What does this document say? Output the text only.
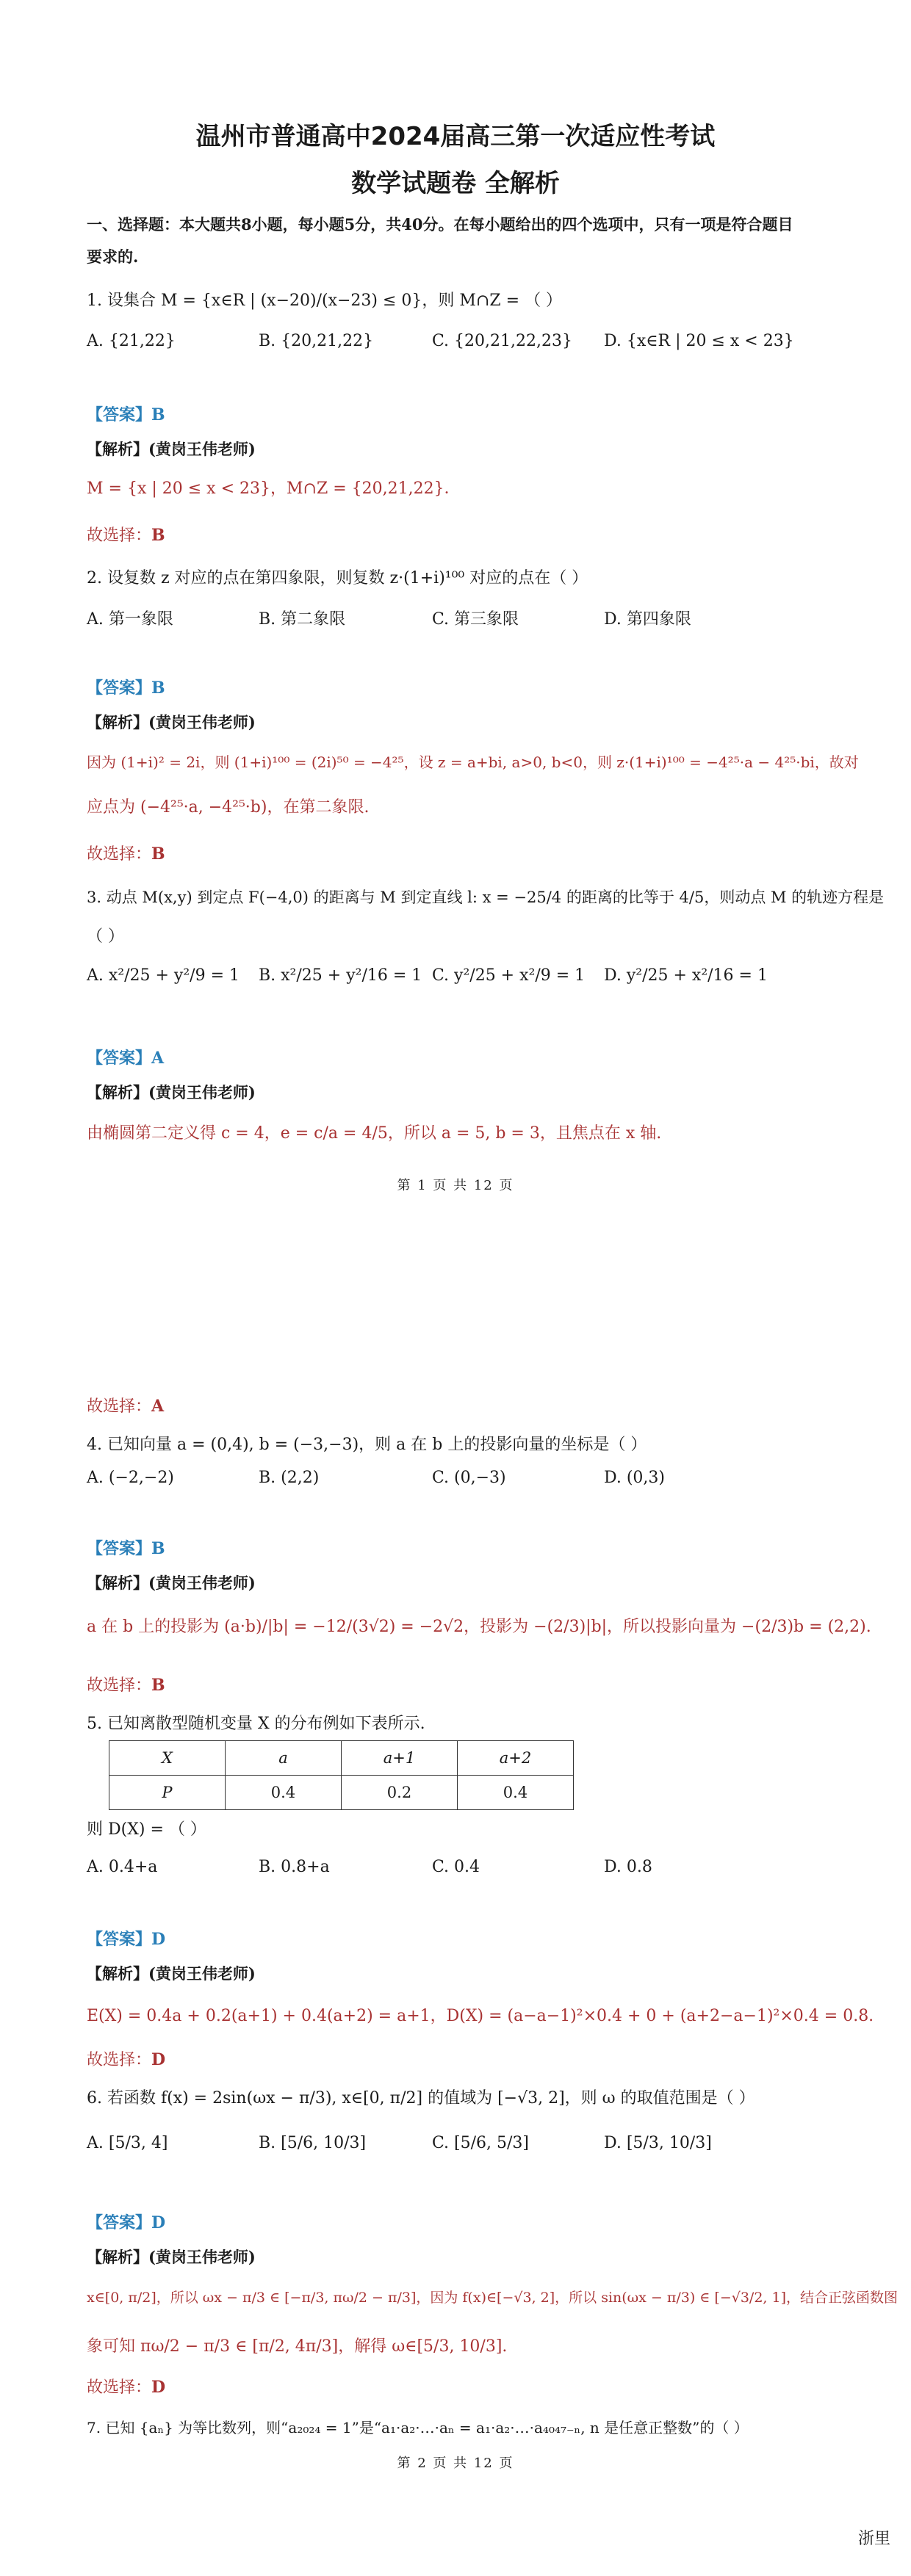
温州市普通高中2024届高三第一次适应性考试
数学试题卷 全解析
一、选择题：本大题共8小题，每小题5分，共40分。在每小题给出的四个选项中，只有一项是符合题目
要求的.
1. 设集合 M = {x∈R | (x−20)/(x−23) ≤ 0}，则 M∩Z = （ ）
A. {21,22}	B. {20,21,22}	C. {20,21,22,23} D. {x∈R | 20 ≤ x < 23}
【答案】B
【解析】(黄岗王伟老师)
M = {x | 20 ≤ x < 23}，M∩Z = {20,21,22}．
故选择：B
2. 设复数 z 对应的点在第四象限，则复数 z·(1+i)¹⁰⁰ 对应的点在（ ）
A. 第一象限	B. 第二象限	C. 第三象限	D. 第四象限
【答案】B
【解析】(黄岗王伟老师)
因为 (1+i)² = 2i，则 (1+i)¹⁰⁰ = (2i)⁵⁰ = −4²⁵，设 z = a+bi, a>0, b<0，则 z·(1+i)¹⁰⁰ = −4²⁵·a − 4²⁵·bi，故对
应点为 (−4²⁵·a, −4²⁵·b)，在第二象限.
故选择：B
3. 动点 M(x,y) 到定点 F(−4,0) 的距离与 M 到定直线 l: x = −25/4 的距离的比等于 4/5，则动点 M 的轨迹方程是
（ ）
A. x²/25 + y²/9 = 1 B. x²/25 + y²/16 = 1 C. y²/25 + x²/9 = 1 D. y²/25 + x²/16 = 1
【答案】A
【解析】(黄岗王伟老师)
由椭圆第二定义得 c = 4，e = c/a = 4/5，所以 a = 5, b = 3，且焦点在 x 轴.
第 1 页 共 12 页
故选择：A
4. 已知向量 a = (0,4), b = (−3,−3)，则 a 在 b 上的投影向量的坐标是（ ）
A. (−2,−2)	B. (2,2)	C. (0,−3)	D. (0,3)
【答案】B
【解析】(黄岗王伟老师)
a 在 b 上的投影为 (a·b)/|b| = −12/(3√2) = −2√2，投影为 −(2/3)|b|，所以投影向量为 −(2/3)b = (2,2).
故选择：B
5. 已知离散型随机变量 X 的分布例如下表所示.
X	a	a+1	a+2
P	0.4	0.2	0.4
则 D(X) = （ ）
A. 0.4+a	B. 0.8+a	C. 0.4	D. 0.8
【答案】D
【解析】(黄岗王伟老师)
E(X) = 0.4a + 0.2(a+1) + 0.4(a+2) = a+1，D(X) = (a−a−1)²×0.4 + 0 + (a+2−a−1)²×0.4 = 0.8.
故选择：D
6. 若函数 f(x) = 2sin(ωx − π/3), x∈[0, π/2] 的值域为 [−√3, 2]，则 ω 的取值范围是（ ）
A. [5/3, 4]	B. [5/6, 10/3]	C. [5/6, 5/3]	D. [5/3, 10/3]
【答案】D
【解析】(黄岗王伟老师)
x∈[0, π/2]，所以 ωx − π/3 ∈ [−π/3, πω/2 − π/3]，因为 f(x)∈[−√3, 2]，所以 sin(ωx − π/3) ∈ [−√3/2, 1]，结合正弦函数图
象可知 πω/2 − π/3 ∈ [π/2, 4π/3]，解得 ω∈[5/3, 10/3].
故选择：D
7. 已知 {aₙ} 为等比数列，则“a₂₀₂₄ = 1”是“a₁·a₂·…·aₙ = a₁·a₂·…·a₄₀₄₇₋ₙ, n 是任意正整数”的（ ）
第 2 页 共 12 页
浙里
